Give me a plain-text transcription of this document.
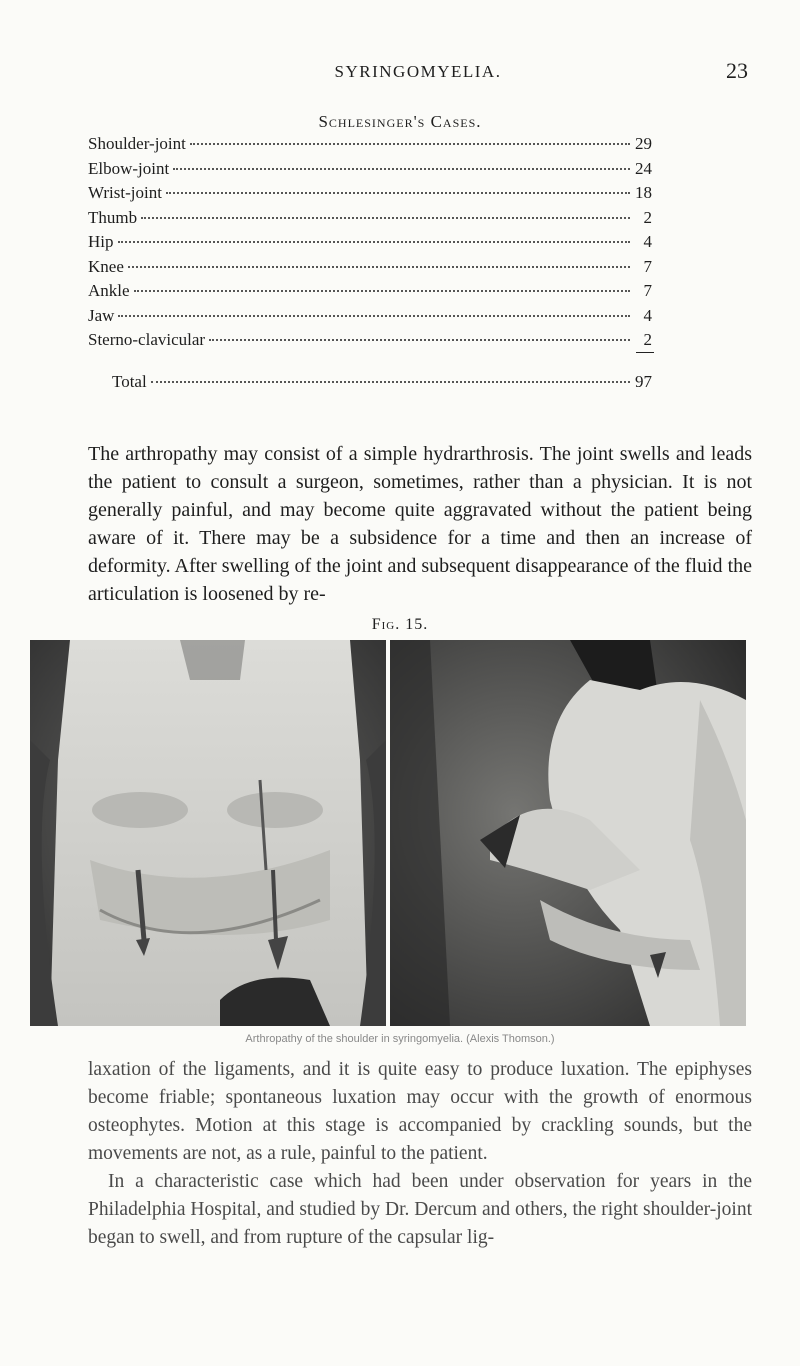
SYRINGOMYELIA.	23
Schlesinger's Cases.
Shoulder-joint	29
Elbow-joint	24
Wrist-joint	18
Thumb	2
Hip	4
Knee	7
Ankle	7
Jaw	4
Sterno-clavicular	2
Total	97

The arthropathy may consist of a simple hydrarthrosis. The joint swells and leads the patient to consult a surgeon, sometimes, rather than a physician. It is not generally painful, and may become quite aggravated without the patient being aware of it. There may be a subsidence for a time and then an increase of deformity. After swelling of the joint and subsequent disappearance of the fluid the articulation is loosened by re-

Fig. 15.
Arthropathy of the shoulder in syringomyelia. (Alexis Thomson.)
laxation of the ligaments, and it is quite easy to produce luxation. The epiphyses become friable; spontaneous luxation may occur with the growth of enormous osteophytes. Motion at this stage is accompanied by crackling sounds, but the movements are not, as a rule, painful to the patient.
In a characteristic case which had been under observation for years in the Philadelphia Hospital, and studied by Dr. Dercum and others, the right shoulder-joint began to swell, and from rupture of the capsular lig-
